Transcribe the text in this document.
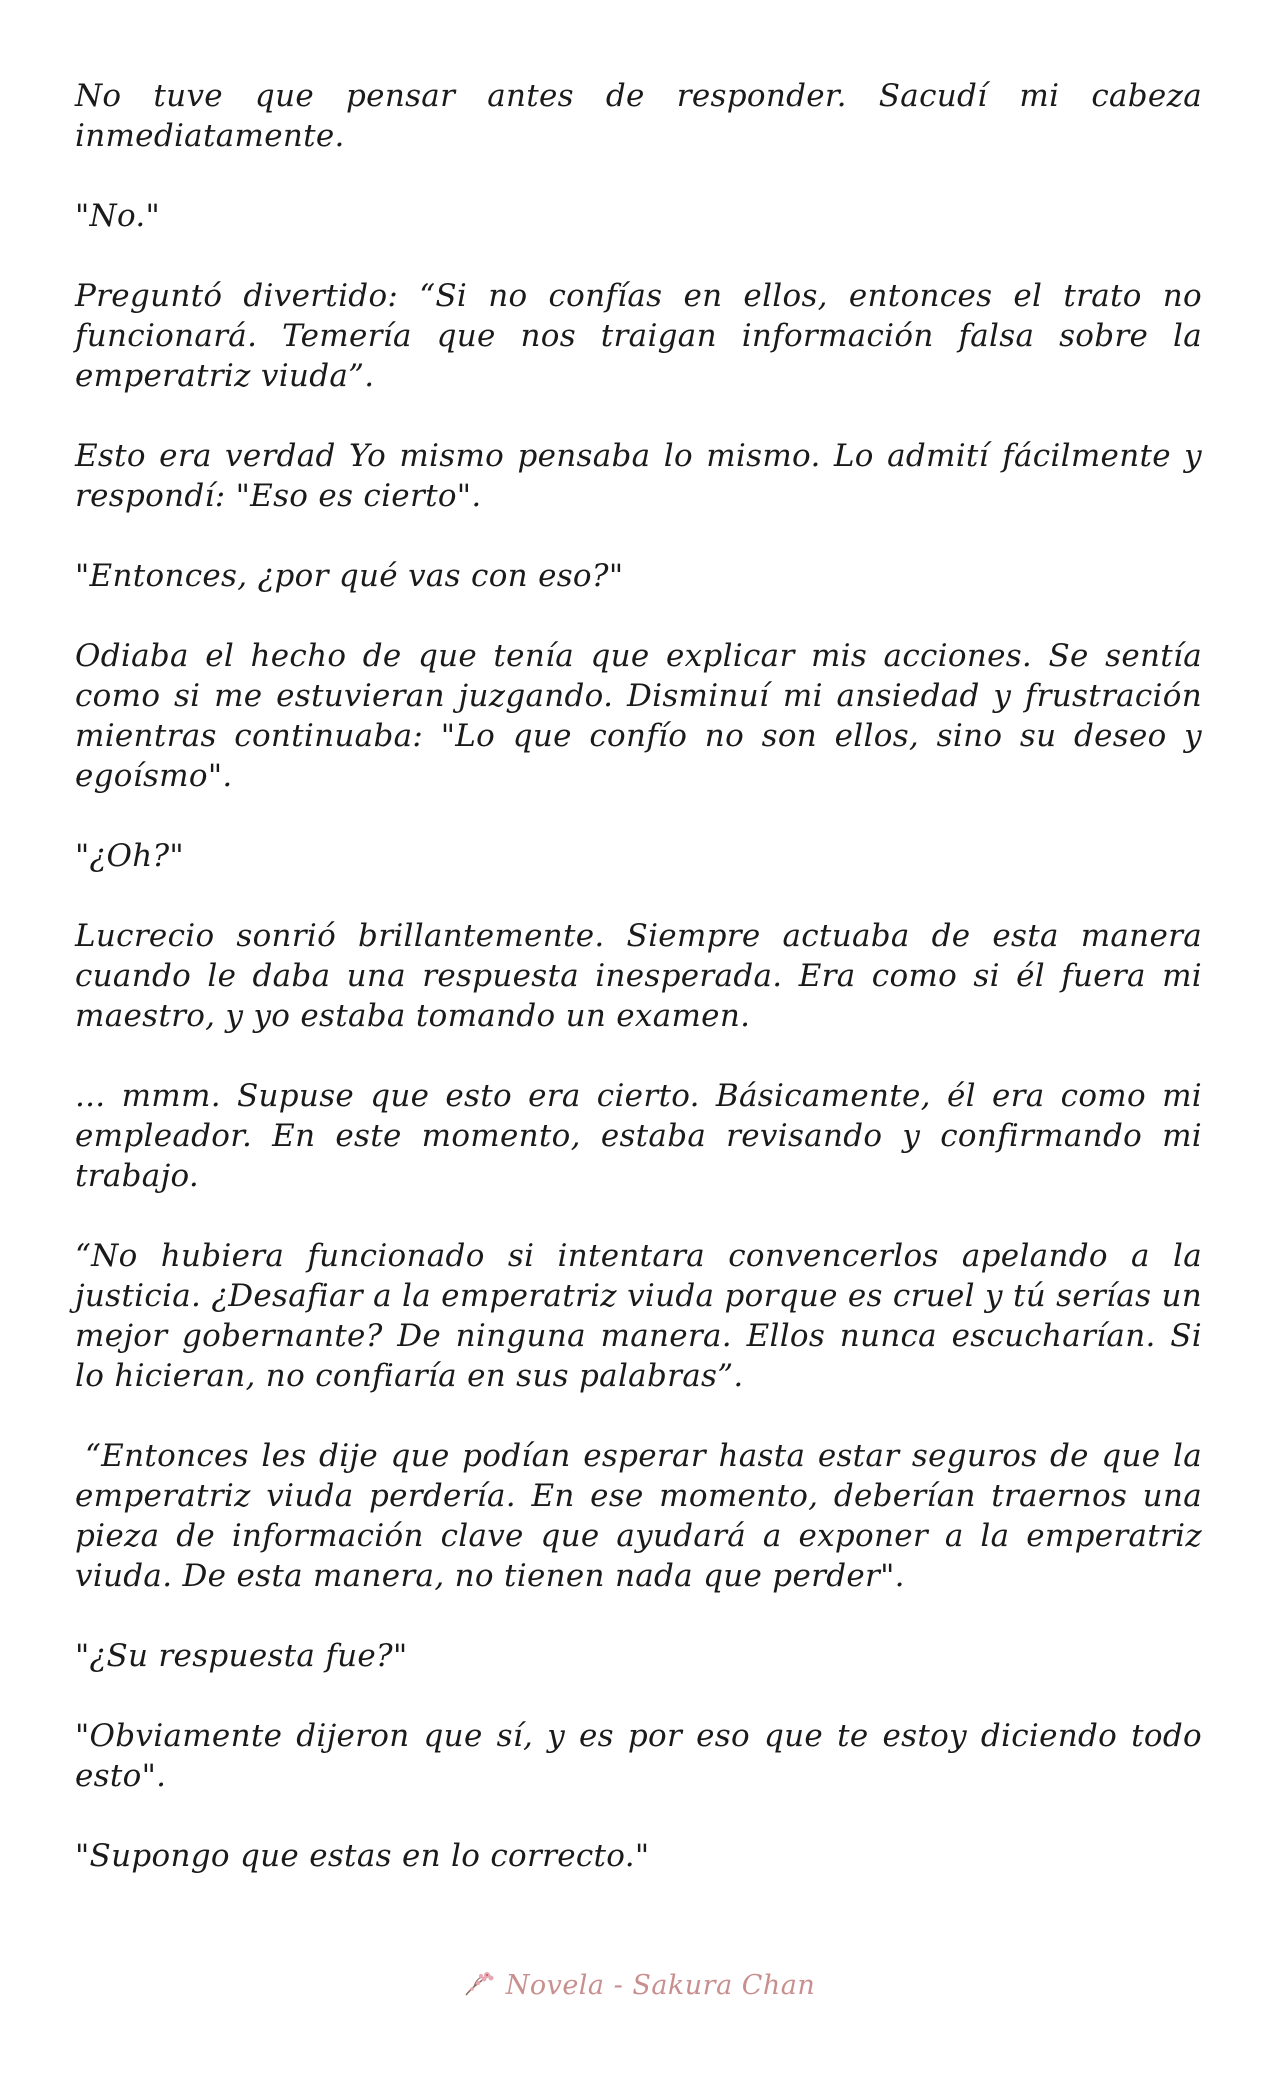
No tuve que pensar antes de responder. Sacudí mi cabeza inmediatamente.

"No."

Preguntó divertido: “Si no confías en ellos, entonces el trato no funcionará. Temería que nos traigan información falsa sobre la emperatriz viuda”.

Esto era verdad Yo mismo pensaba lo mismo. Lo admití fácilmente y respondí: "Eso es cierto".

"Entonces, ¿por qué vas con eso?"

Odiaba el hecho de que tenía que explicar mis acciones. Se sentía como si me estuvieran juzgando. Disminuí mi ansiedad y frustración mientras continuaba: "Lo que confío no son ellos, sino su deseo y egoísmo".

"¿Oh?"

Lucrecio sonrió brillantemente. Siempre actuaba de esta manera cuando le daba una respuesta inesperada. Era como si él fuera mi maestro, y yo estaba tomando un examen.

... mmm. Supuse que esto era cierto. Básicamente, él era como mi empleador. En este momento, estaba revisando y confirmando mi trabajo.

“No hubiera funcionado si intentara convencerlos apelando a la justicia. ¿Desafiar a la emperatriz viuda porque es cruel y tú serías un mejor gobernante? De ninguna manera. Ellos nunca escucharían. Si lo hicieran, no confiaría en sus palabras”.

“Entonces les dije que podían esperar hasta estar seguros de que la emperatriz viuda perdería. En ese momento, deberían traernos una pieza de información clave que ayudará a exponer a la emperatriz viuda. De esta manera, no tienen nada que perder".

"¿Su respuesta fue?"

"Obviamente dijeron que sí, y es por eso que te estoy diciendo todo esto".

"Supongo que estas en lo correcto."

Novela - Sakura Chan
